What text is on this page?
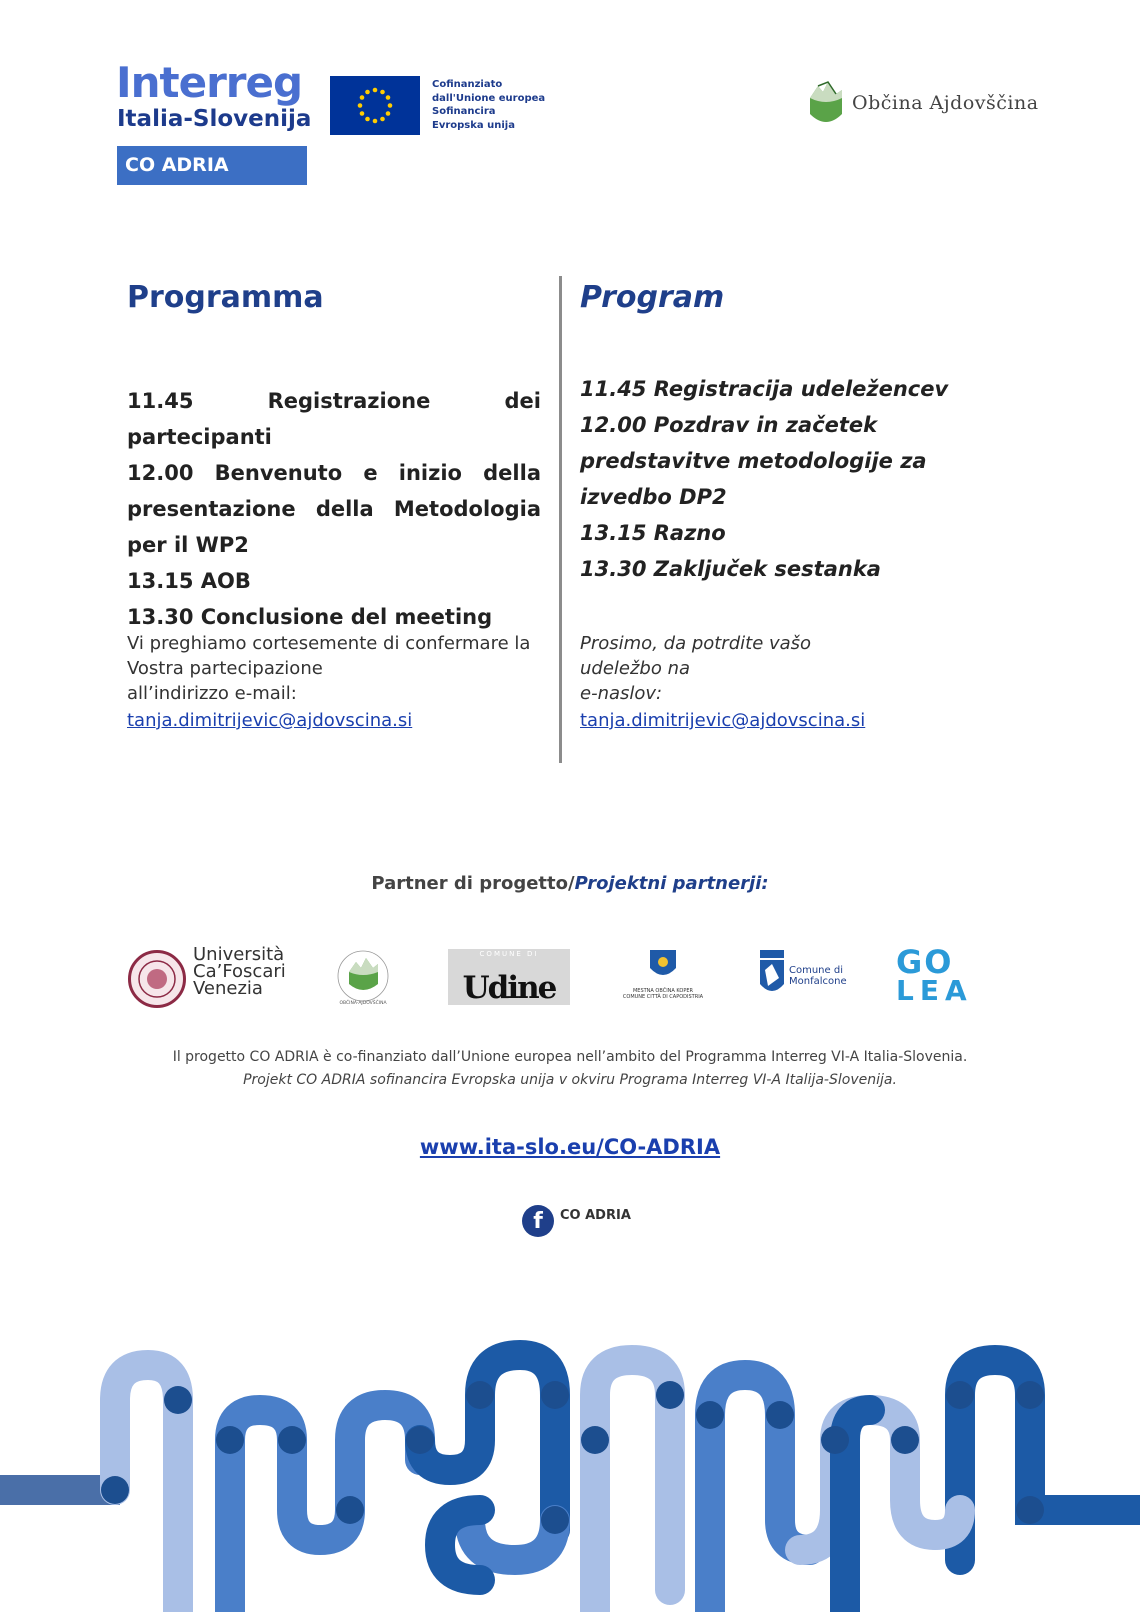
Interreg
Italia-Slovenija
CO ADRIA
Cofinanziato
dall'Unione europea
Sofinancira
Evropska unija
Občina Ajdovščina
Programma	Program
11.45 Registrazione dei partecipanti
12.00 Benvenuto e inizio della presentazione della Metodologia per il WP2
13.15 AOB
13.30 Conclusione del meeting
11.45 Registracija udeležencev
12.00 Pozdrav in začetek predstavitve metodologije za izvedbo DP2
13.15 Razno
13.30 Zaključek sestanka
Vi preghiamo cortesemente di confermare la
Vostra partecipazione
all’indirizzo e-mail:
tanja.dimitrijevic@ajdovscina.si
Prosimo, da potrdite vašo
udeležbo na
e-naslov:
tanja.dimitrijevic@ajdovscina.si
Partner di progetto/Projektni partnerji:
Università
Ca’Foscari
Venezia
OBČINA·AJDOVŠČINA
COMUNE DI
Udine	MESTNA OBČINA KOPER
COMUNE CITTÀ DI CAPODISTRIA
Comune di
Monfalcone
GO
LEA
Il progetto CO ADRIA è co-finanziato dall’Unione europea nell’ambito del Programma Interreg VI-A Italia-Slovenia.
Projekt CO ADRIA sofinancira Evropska unija v okviru Programa Interreg VI-A Italija-Slovenija.
www.ita-slo.eu/CO-ADRIA
f	CO ADRIA
